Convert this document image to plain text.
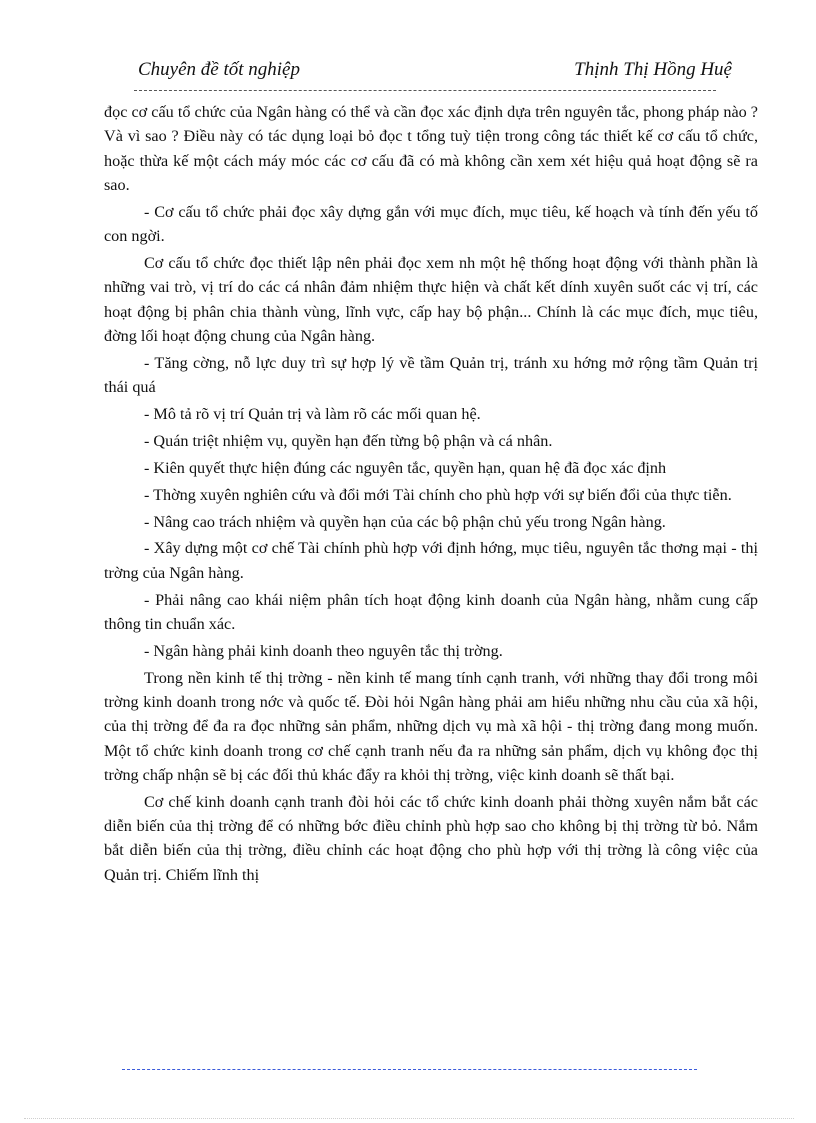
Chuyên đề tốt nghiệp	Thịnh Thị Hồng Huệ

đọc cơ cấu tổ chức của Ngân hàng có thể và cần đọc xác định dựa trên nguyên tắc, phong pháp nào ? Và vì sao ? Điều này có tác dụng loại bỏ đọc t tổng tuỳ tiện trong công tác thiết kế cơ cấu tổ chức, hoặc thừa kế một cách máy móc các cơ cấu đã có mà không cần xem xét hiệu quả hoạt động sẽ ra sao.

- Cơ cấu tổ chức phải đọc xây dựng gắn với mục đích, mục tiêu, kế hoạch và tính đến yếu tố con ngời.

Cơ cấu tổ chức đọc thiết lập nên phải đọc xem nh một hệ thống hoạt động với thành phần là những vai trò, vị trí do các cá nhân đảm nhiệm thực hiện và chất kết dính xuyên suốt các vị trí, các hoạt động bị phân chia thành vùng, lĩnh vực, cấp hay bộ phận... Chính là các mục đích, mục tiêu, đờng lối hoạt động chung của Ngân hàng.

- Tăng cờng, nỗ lực duy trì sự hợp lý về tầm Quản trị, tránh xu hớng mở rộng tầm Quản trị thái quá

- Mô tả rõ vị trí Quản trị và làm rõ các mối quan hệ.

- Quán triệt nhiệm vụ, quyền hạn đến từng bộ phận và cá nhân.

- Kiên quyết thực hiện đúng các nguyên tắc, quyền hạn, quan hệ đã đọc xác định

- Thờng xuyên nghiên cứu và đổi mới Tài chính cho phù hợp với sự biến đổi của thực tiễn.

- Nâng cao trách nhiệm và quyền hạn của các bộ phận chủ yếu trong Ngân hàng.

- Xây dựng một cơ chế Tài chính phù hợp với định hớng, mục tiêu, nguyên tắc thơng mại - thị trờng của Ngân hàng.

- Phải nâng cao khái niệm phân tích hoạt động kinh doanh của Ngân hàng, nhằm cung cấp thông tin chuẩn xác.

- Ngân hàng phải kinh doanh theo nguyên tắc thị trờng.

Trong nền kinh tế thị trờng - nền kinh tế mang tính cạnh tranh, với những thay đổi trong môi trờng kinh doanh trong nớc và quốc tế. Đòi hỏi Ngân hàng phải am hiểu những nhu cầu của xã hội, của thị trờng để đa ra đọc những sản phẩm, những dịch vụ mà xã hội - thị trờng đang mong muốn. Một tổ chức kinh doanh trong cơ chế cạnh tranh nếu đa ra những sản phẩm, dịch vụ không đọc thị trờng chấp nhận sẽ bị các đối thủ khác đẩy ra khỏi thị trờng, việc kinh doanh sẽ thất bại.

Cơ chế kinh doanh cạnh tranh đòi hỏi các tổ chức kinh doanh phải thờng xuyên nắm bắt các diễn biến của thị trờng để có những bớc điều chỉnh phù hợp sao cho không bị thị trờng từ bỏ. Nắm bắt diễn biến của thị trờng, điều chỉnh các hoạt động cho phù hợp với thị trờng là công việc của Quản trị. Chiếm lĩnh thị
